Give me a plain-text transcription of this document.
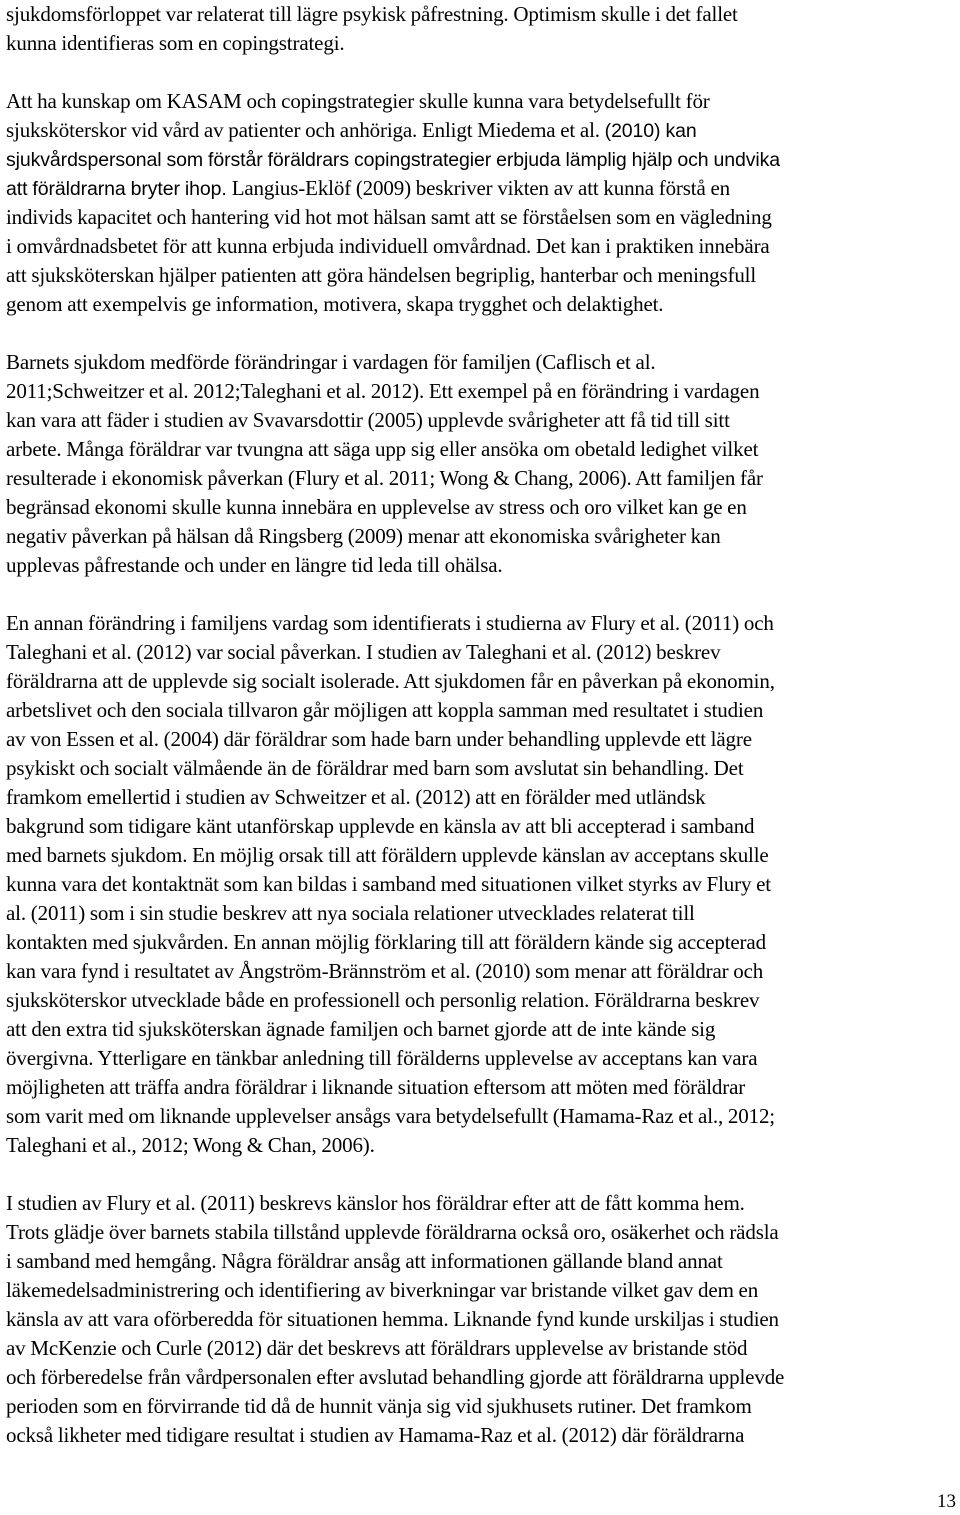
sjukdomsförloppet var relaterat till lägre psykisk påfrestning. Optimism skulle i det fallet
kunna identifieras som en copingstrategi.
Att ha kunskap om KASAM och copingstrategier skulle kunna vara betydelsefullt för
sjuksköterskor vid vård av patienter och anhöriga. Enligt Miedema et al. (2010) kan
sjukvårdspersonal som förstår föräldrars copingstrategier erbjuda lämplig hjälp och undvika
att föräldrarna bryter ihop. Langius-Eklöf (2009) beskriver vikten av att kunna förstå en
individs kapacitet och hantering vid hot mot hälsan samt att se förståelsen som en vägledning
i omvårdnadsbetet för att kunna erbjuda individuell omvårdnad. Det kan i praktiken innebära
att sjuksköterskan hjälper patienten att göra händelsen begriplig, hanterbar och meningsfull
genom att exempelvis ge information, motivera, skapa trygghet och delaktighet.
Barnets sjukdom medförde förändringar i vardagen för familjen (Caflisch et al.
2011;Schweitzer et al. 2012;Taleghani et al. 2012). Ett exempel på en förändring i vardagen
kan vara att fäder i studien av Svavarsdottir (2005) upplevde svårigheter att få tid till sitt
arbete. Många föräldrar var tvungna att säga upp sig eller ansöka om obetald ledighet vilket
resulterade i ekonomisk påverkan (Flury et al. 2011; Wong & Chang, 2006). Att familjen får
begränsad ekonomi skulle kunna innebära en upplevelse av stress och oro vilket kan ge en
negativ påverkan på hälsan då Ringsberg (2009) menar att ekonomiska svårigheter kan
upplevas påfrestande och under en längre tid leda till ohälsa.
En annan förändring i familjens vardag som identifierats i studierna av Flury et al. (2011) och
Taleghani et al. (2012) var social påverkan. I studien av Taleghani et al. (2012) beskrev
föräldrarna att de upplevde sig socialt isolerade. Att sjukdomen får en påverkan på ekonomin,
arbetslivet och den sociala tillvaron går möjligen att koppla samman med resultatet i studien
av von Essen et al. (2004) där föräldrar som hade barn under behandling upplevde ett lägre
psykiskt och socialt välmående än de föräldrar med barn som avslutat sin behandling. Det
framkom emellertid i studien av Schweitzer et al. (2012) att en förälder med utländsk
bakgrund som tidigare känt utanförskap upplevde en känsla av att bli accepterad i samband
med barnets sjukdom. En möjlig orsak till att föräldern upplevde känslan av acceptans skulle
kunna vara det kontaktnät som kan bildas i samband med situationen vilket styrks av Flury et
al. (2011) som i sin studie beskrev att nya sociala relationer utvecklades relaterat till
kontakten med sjukvården. En annan möjlig förklaring till att föräldern kände sig accepterad
kan vara fynd i resultatet av Ångström-Brännström et al. (2010) som menar att föräldrar och
sjuksköterskor utvecklade både en professionell och personlig relation. Föräldrarna beskrev
att den extra tid sjuksköterskan ägnade familjen och barnet gjorde att de inte kände sig
övergivna. Ytterligare en tänkbar anledning till förälderns upplevelse av acceptans kan vara
möjligheten att träffa andra föräldrar i liknande situation eftersom att möten med föräldrar
som varit med om liknande upplevelser ansågs vara betydelsefullt (Hamama-Raz et al., 2012;
Taleghani et al., 2012; Wong & Chan, 2006).
I studien av Flury et al. (2011) beskrevs känslor hos föräldrar efter att de fått komma hem.
Trots glädje över barnets stabila tillstånd upplevde föräldrarna också oro, osäkerhet och rädsla
i samband med hemgång. Några föräldrar ansåg att informationen gällande bland annat
läkemedelsadministrering och identifiering av biverkningar var bristande vilket gav dem en
känsla av att vara oförberedda för situationen hemma. Liknande fynd kunde urskiljas i studien
av McKenzie och Curle (2012) där det beskrevs att föräldrars upplevelse av bristande stöd
och förberedelse från vårdpersonalen efter avslutad behandling gjorde att föräldrarna upplevde
perioden som en förvirrande tid då de hunnit vänja sig vid sjukhusets rutiner. Det framkom
också likheter med tidigare resultat i studien av Hamama-Raz et al. (2012) där föräldrarna
13
